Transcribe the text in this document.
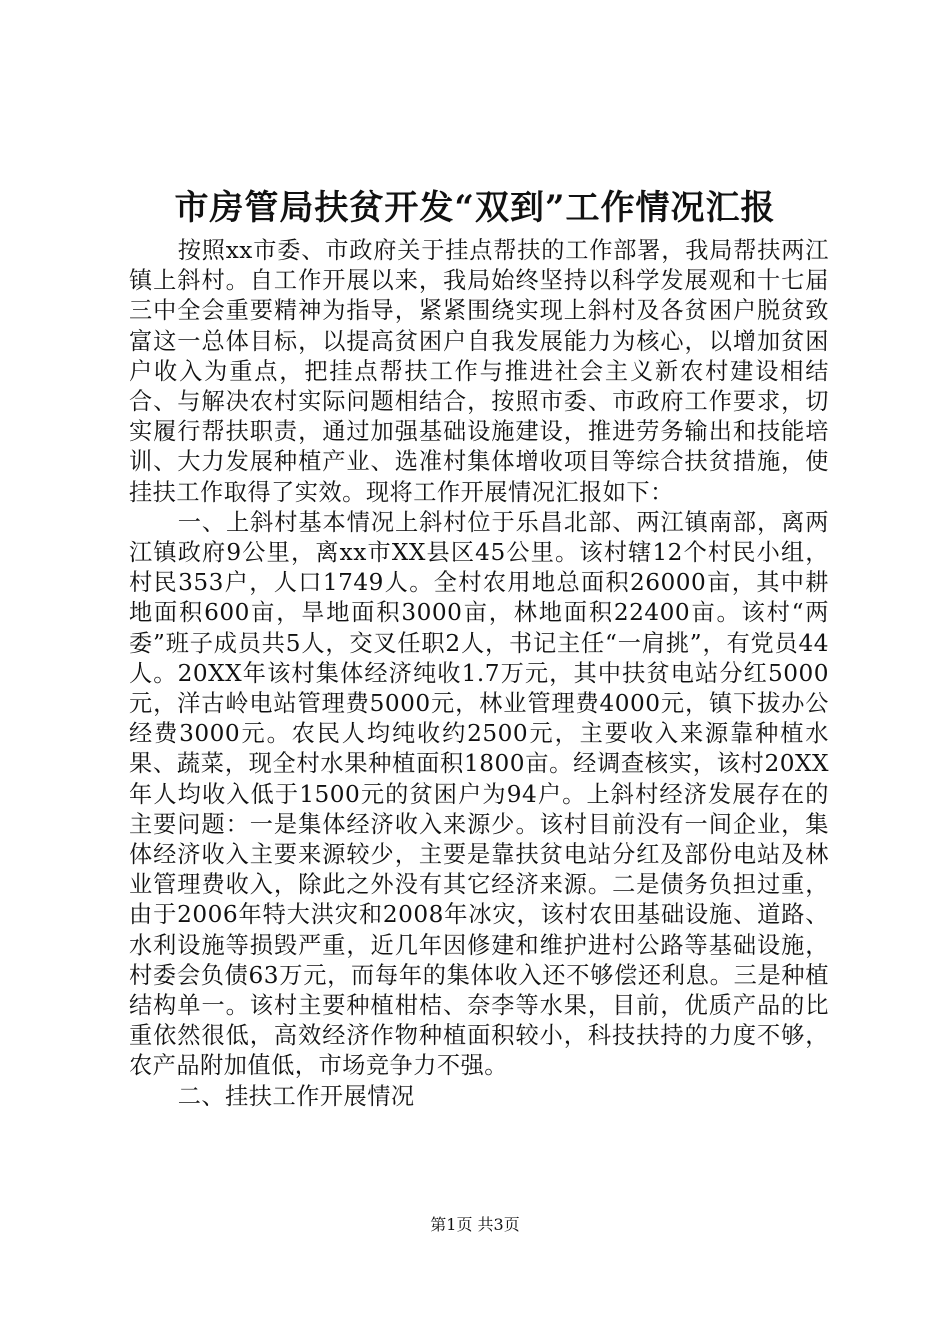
市房管局扶贫开发“双到”工作情况汇报

按照xx市委、市政府关于挂点帮扶的工作部署，我局帮扶两江镇上斜村。自工作开展以来，我局始终坚持以科学发展观和十七届三中全会重要精神为指导，紧紧围绕实现上斜村及各贫困户脱贫致富这一总体目标，以提高贫困户自我发展能力为核心，以增加贫困户收入为重点，把挂点帮扶工作与推进社会主义新农村建设相结合、与解决农村实际问题相结合，按照市委、市政府工作要求，切实履行帮扶职责，通过加强基础设施建设，推进劳务输出和技能培训、大力发展种植产业、选准村集体增收项目等综合扶贫措施，使挂扶工作取得了实效。现将工作开展情况汇报如下：

一、上斜村基本情况上斜村位于乐昌北部、两江镇南部，离两江镇政府9公里，离xx市XX县区45公里。该村辖12个村民小组，村民353户，人口1749人。全村农用地总面积26000亩，其中耕地面积600亩，旱地面积3000亩，林地面积22400亩。该村“两委”班子成员共5人，交叉任职2人，书记主任“一肩挑”，有党员44人。20XX年该村集体经济纯收1.7万元，其中扶贫电站分红5000元，洋古岭电站管理费5000元，林业管理费4000元，镇下拔办公经费3000元。农民人均纯收约2500元，主要收入来源靠种植水果、蔬菜，现全村水果种植面积1800亩。经调查核实，该村20XX年人均收入低于1500元的贫困户为94户。上斜村经济发展存在的主要问题：一是集体经济收入来源少。该村目前没有一间企业，集体经济收入主要来源较少，主要是靠扶贫电站分红及部份电站及林业管理费收入，除此之外没有其它经济来源。二是债务负担过重，由于2006年特大洪灾和2008年冰灾，该村农田基础设施、道路、水利设施等损毁严重，近几年因修建和维护进村公路等基础设施，村委会负债63万元，而每年的集体收入还不够偿还利息。三是种植结构单一。该村主要种植柑桔、奈李等水果，目前，优质产品的比重依然很低，高效经济作物种植面积较小，科技扶持的力度不够，农产品附加值低，市场竞争力不强。

二、挂扶工作开展情况

第1页 共3页
